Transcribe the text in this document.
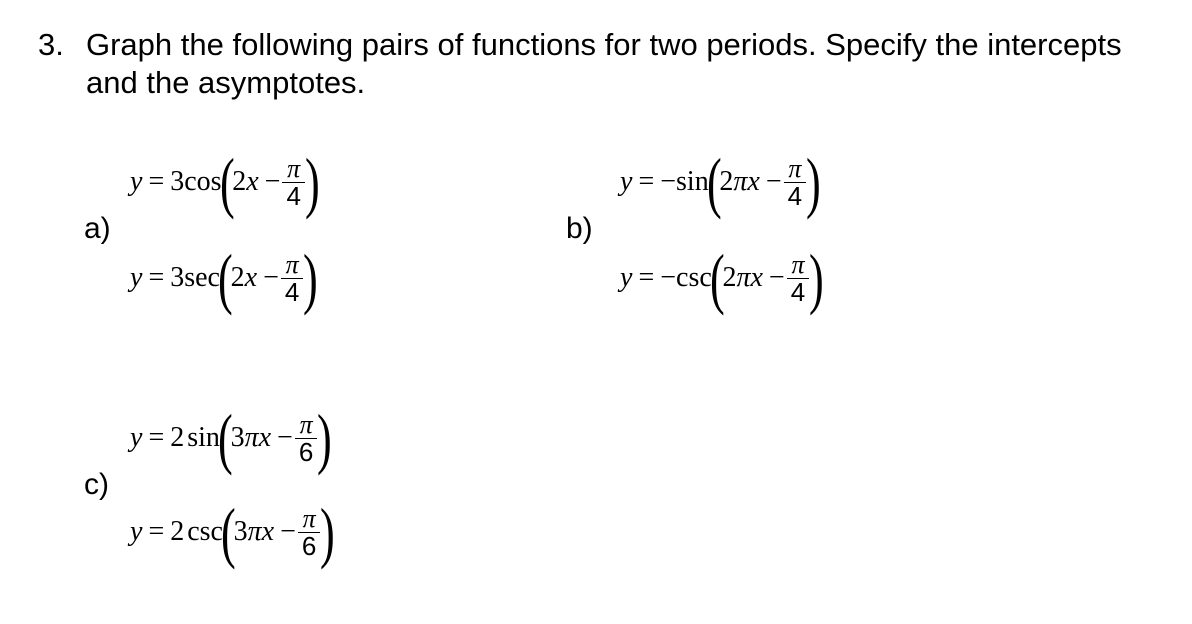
3. Graph the following pairs of functions for two periods. Specify the intercepts and the asymptotes.
a)
y = 3 cos
(
2 $x - \frac{\pi}{4}$ )
y = 3 sec
(
2 $x - \frac{\pi}{4}$ )
b)
y = − sin
(
2 $\pi x - \frac{\pi}{4}$ )
y = − csc
(
2 $\pi x - \frac{\pi}{4}$ )
c)
y = 2 sin
(
3 $\pi x - \frac{\pi}{6}$ )
y = 2 csc
(
3 $\pi x - \frac{\pi}{6}$ )
